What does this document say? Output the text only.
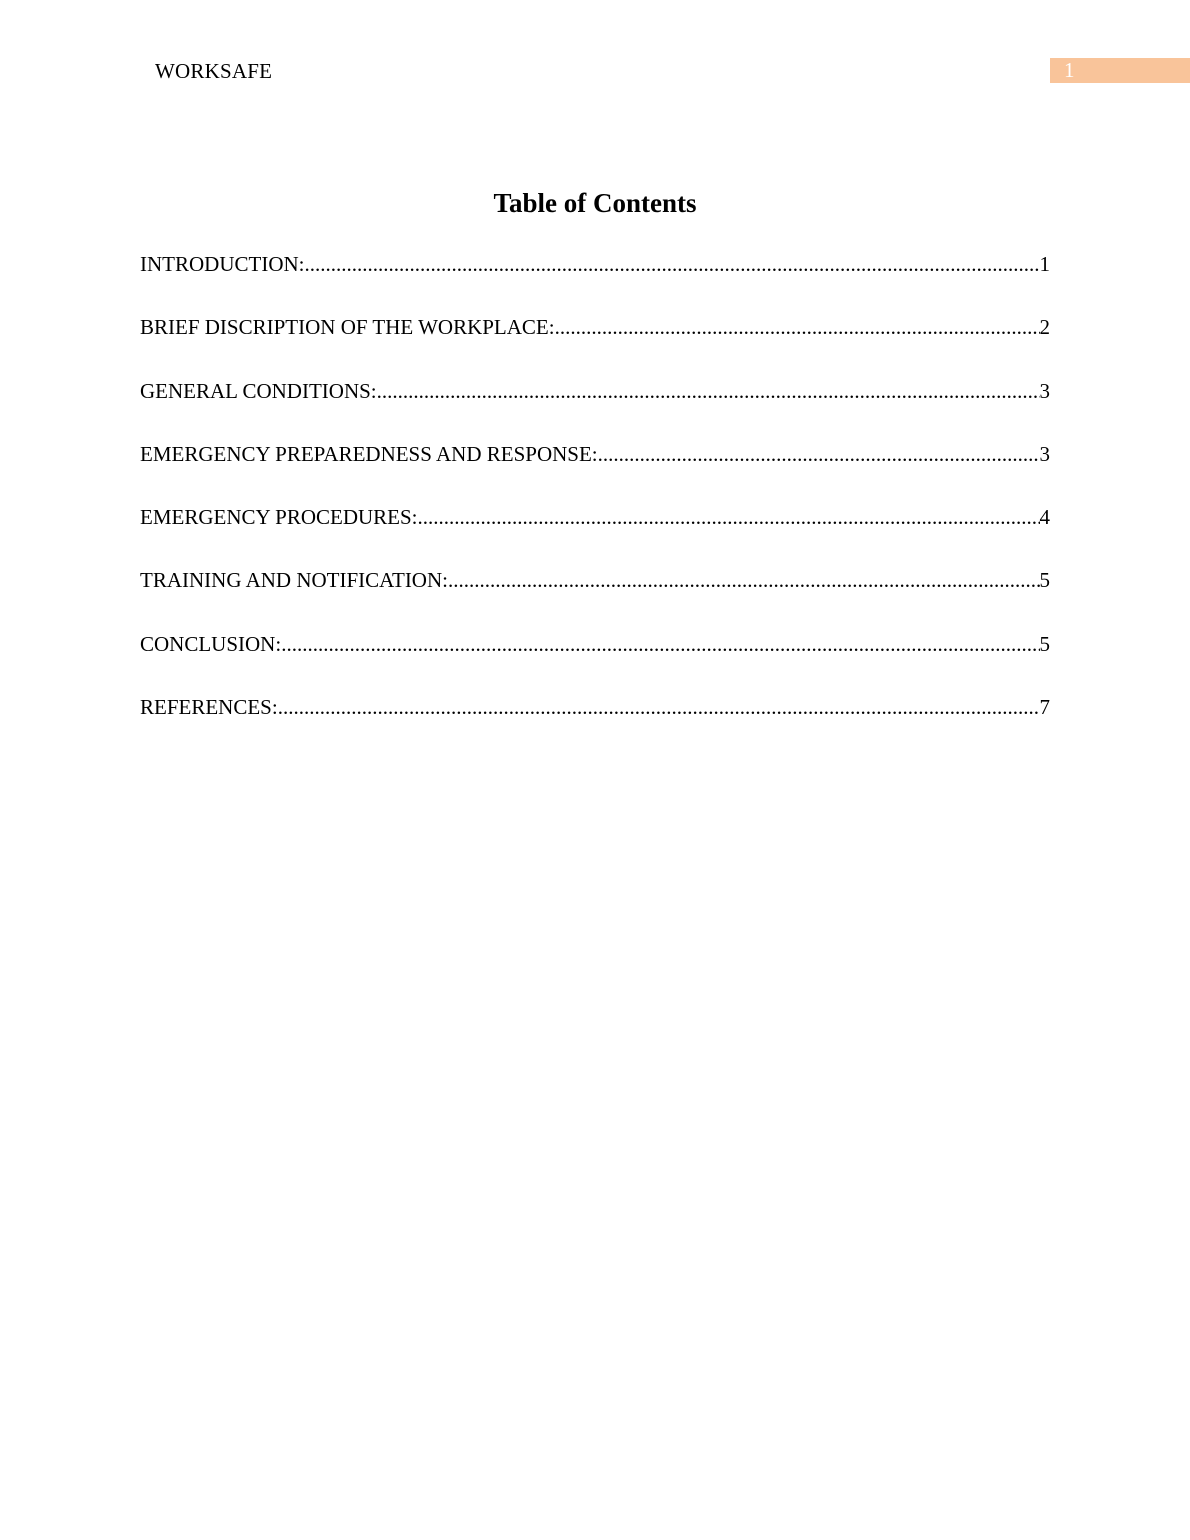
WORKSAFE	1
Table of Contents
INTRODUCTION: .....	1
BRIEF DISCRIPTION OF THE WORKPLACE: .....	2
GENERAL CONDITIONS: .....	3
EMERGENCY PREPAREDNESS AND RESPONSE: .....	3
EMERGENCY PROCEDURES: .....	4
TRAINING AND NOTIFICATION: .....	5
CONCLUSION: .....	5
REFERENCES: .....	7
